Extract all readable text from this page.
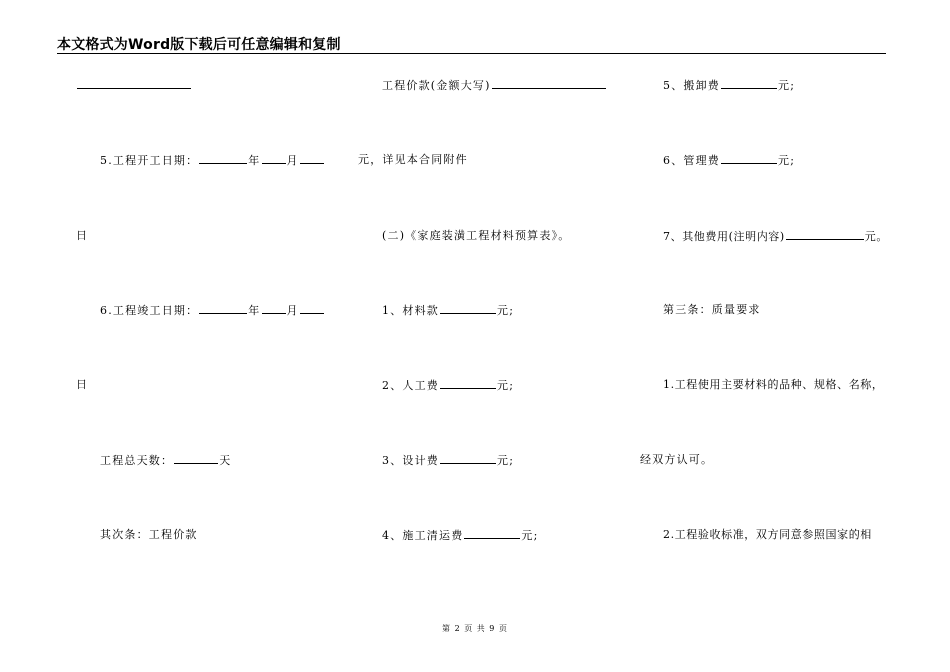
本文格式为Word版下载后可任意编辑和复制
5.工程开工日期：	年 月
日
6.工程竣工日期：	年 月
日
工程总天数：	天
其次条：工程价款
工程价款(金额大写)
元，详见本合同附件
(二)《家庭装潢工程材料预算表》。
1、材料款	元;
2、人工费	元;
3、设计费	元;
4、施工清运费	元;
5、搬卸费	元;
6、管理费	元;
7、其他费用(注明内容)	元。
第三条：质量要求
1.工程使用主要材料的品种、规格、名称，
经双方认可。
2.工程验收标准，双方同意参照国家的相
第 2 页 共 9 页
